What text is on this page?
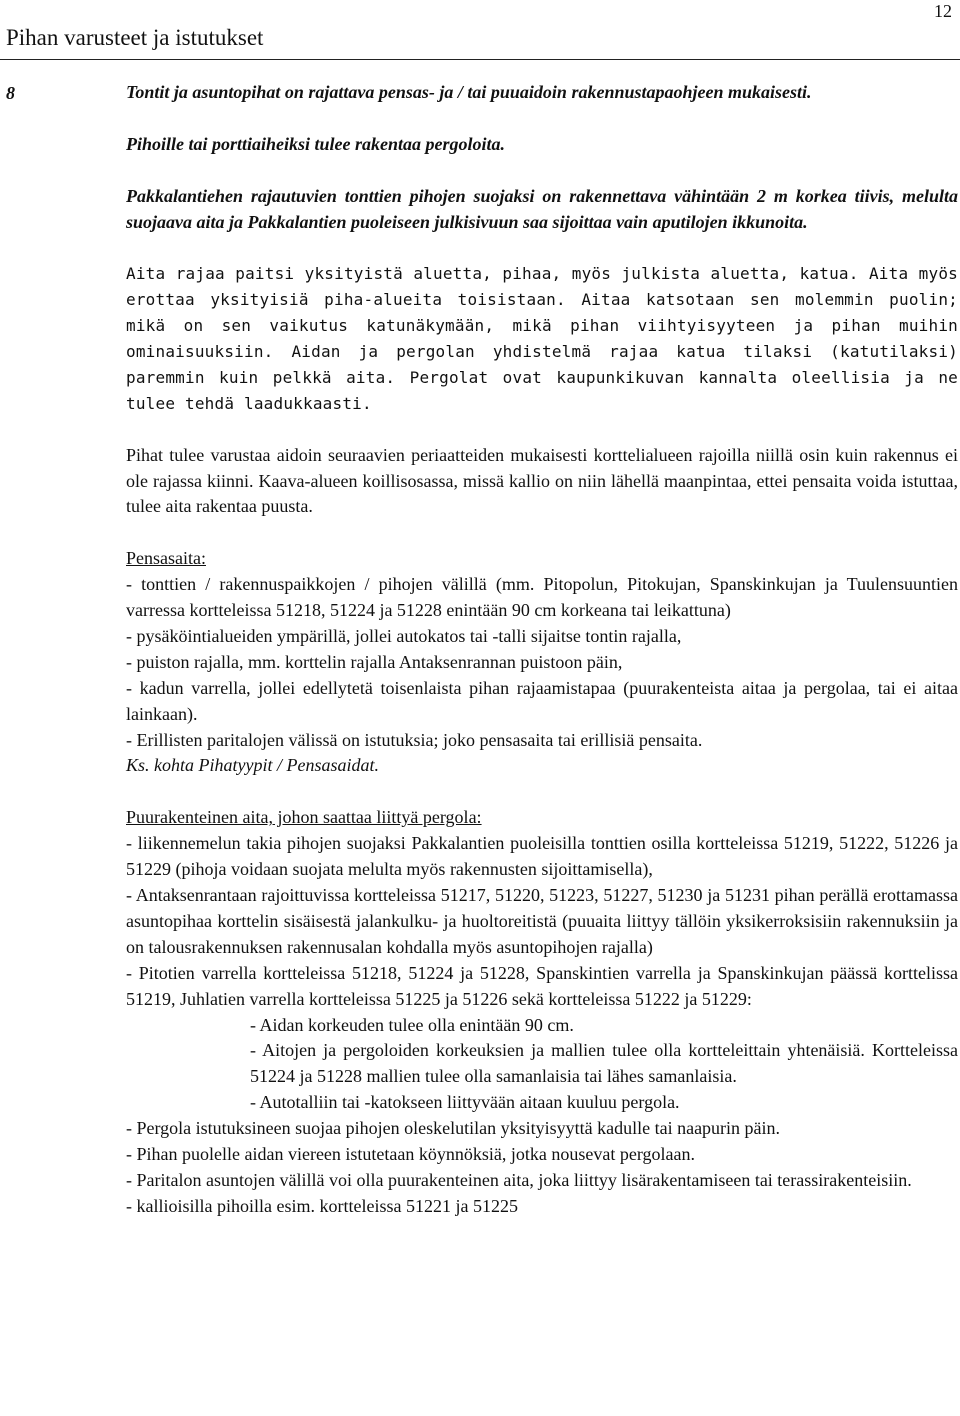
Pihan varusteet ja istutukset
12
8	Tontit ja asuntopihat on rajattava pensas- ja / tai puuaidoin rakennustapaohjeen mukaisesti.

Pihoille tai porttiaiheiksi tulee rakentaa pergoloita.

Pakkalantiehen rajautuvien tonttien pihojen suojaksi on rakennettava vähintään 2 m korkea tiivis, melulta suojaava aita ja Pakkalantien puoleiseen julkisivuun saa sijoittaa vain aputilojen ikkunoita.

Aita rajaa paitsi yksityistä aluetta, pihaa, myös julkista aluetta, katua. Aita myös erottaa yksityisiä piha-alueita toisistaan. Aitaa katsotaan sen molemmin puolin; mikä on sen vaikutus katunäkymään, mikä pihan viihtyisyyteen ja pihan muihin ominaisuuksiin. Aidan ja pergolan yhdistelmä rajaa katua tilaksi (katutilaksi) paremmin kuin pelkkä aita. Pergolat ovat kaupunkikuvan kannalta oleellisia ja ne tulee tehdä laadukkaasti.

Pihat tulee varustaa aidoin seuraavien periaatteiden mukaisesti korttelialueen rajoilla niillä osin kuin rakennus ei ole rajassa kiinni. Kaava-alueen koillisosassa, missä kallio on niin lähellä maanpintaa, ettei pensaita voida istuttaa, tulee aita rakentaa puusta.

Pensasaita:

- tonttien / rakennuspaikkojen / pihojen välillä (mm. Pitopolun, Pitokujan, Spanskinkujan ja Tuulensuuntien varressa kortteleissa 51218, 51224 ja 51228 enintään 90 cm korkeana tai leikattuna)

- pysäköintialueiden ympärillä, jollei autokatos tai -talli sijaitse tontin rajalla,

- puiston rajalla, mm. korttelin rajalla Antaksenrannan puistoon päin,

- kadun varrella, jollei edellytetä toisenlaista pihan rajaamistapaa (puurakenteista aitaa ja pergolaa, tai ei aitaa lainkaan).

- Erillisten paritalojen välissä on istutuksia; joko pensasaita tai erillisiä pensaita.

Ks. kohta Pihatyypit / Pensasaidat.

Puurakenteinen aita, johon saattaa liittyä pergola:

- liikennemelun takia pihojen suojaksi Pakkalantien puoleisilla tonttien osilla kortteleissa 51219, 51222, 51226 ja 51229 (pihoja voidaan suojata melulta myös rakennusten sijoittamisella),

- Antaksenrantaan rajoittuvissa kortteleissa 51217, 51220, 51223, 51227, 51230 ja 51231 pihan perällä erottamassa asuntopihaa korttelin sisäisestä jalankulku- ja huoltoreitistä (puuaita liittyy tällöin yksikerroksisiin rakennuksiin ja on talousrakennuksen rakennusalan kohdalla myös asuntopihojen rajalla)

- Pitotien varrella kortteleissa 51218, 51224 ja 51228, Spanskintien varrella ja Spanskinkujan päässä korttelissa 51219, Juhlatien varrella kortteleissa 51225 ja 51226 sekä kortteleissa 51222 ja 51229:

- Aidan korkeuden tulee olla enintään 90 cm.

- Aitojen ja pergoloiden korkeuksien ja mallien tulee olla kortteleittain yhtenäisiä. Kortteleissa 51224 ja 51228 mallien tulee olla samanlaisia tai lähes samanlaisia.

- Autotalliin tai -katokseen liittyvään aitaan kuuluu pergola.

- Pergola istutuksineen suojaa pihojen oleskelutilan yksityisyyttä kadulle tai naapurin päin.

- Pihan puolelle aidan viereen istutetaan köynnöksiä, jotka nousevat pergolaan.

- Paritalon asuntojen välillä voi olla puurakenteinen aita, joka liittyy lisärakentamiseen tai terassirakenteisiin.

- kallioisilla pihoilla esim. kortteleissa 51221 ja 51225
